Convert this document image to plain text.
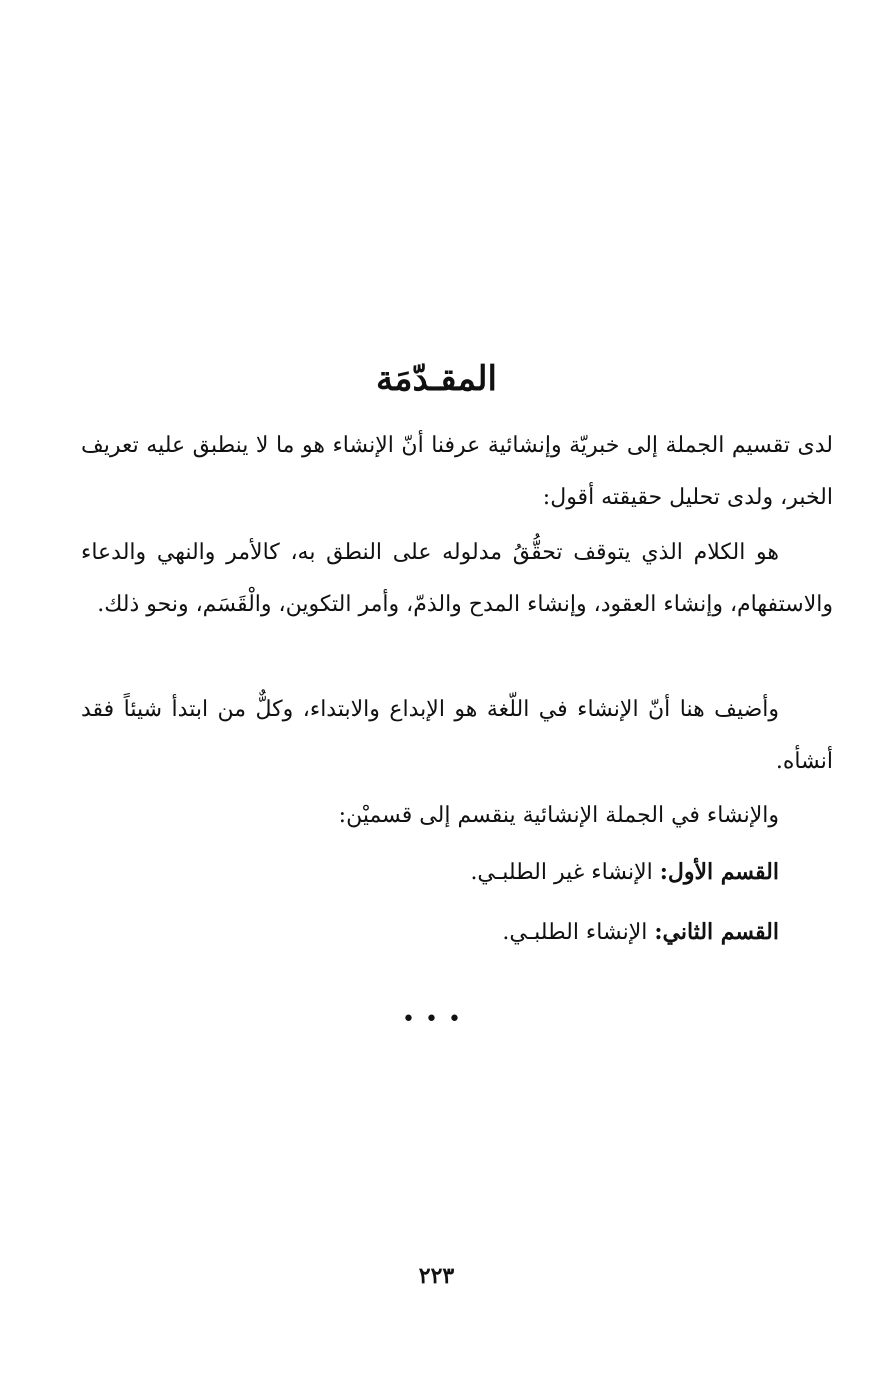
المقـدّمَة

لدى تقسيم الجملة إلى خبريّة وإنشائية عرفنا أنّ الإنشاء هو ما لا ينطبق عليه تعريف الخبر، ولدى تحليل حقيقته أقول:

هو الكلام الذي يتوقف تحقُّقُ مدلوله على النطق به، كالأمر والنهي والدعاء والاستفهام، وإنشاء العقود، وإنشاء المدح والذمّ، وأمر التكوين، والْقَسَم، ونحو ذلك.

وأضيف هنا أنّ الإنشاء في اللّغة هو الإبداع والابتداء، وكلٌّ من ابتدأ شيئاً فقد أنشأه.

والإنشاء في الجملة الإنشائية ينقسم إلى قسميْن:

القسم الأول: الإنشاء غير الطلبـي.

القسم الثاني: الإنشاء الطلبـي.

•••
٢٢٣
